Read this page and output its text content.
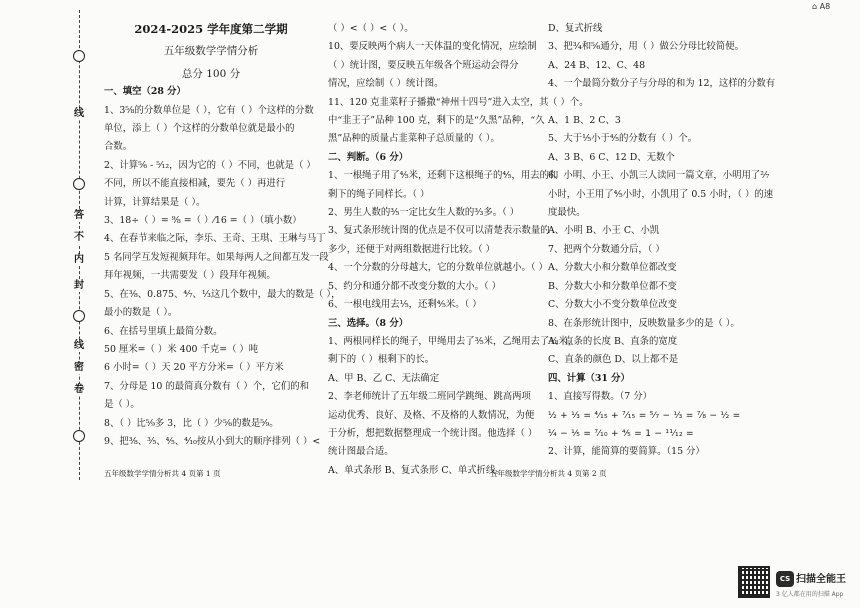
⌂ A8
线
答
不
内
封
线
密
卷
2024-2025 学年度第二学期
五年级数学学情分析
总分 100 分
一、填空（28 分）
1、3⁵⁄₈的分数单位是（ ），它有（ ）个这样的分数
单位，添上（ ）个这样的分数单位就是最小的
合数。
2、计算⁵⁄₆ - ⁵⁄₁₂，因为它的（ ）不同，也就是（ ）
不同，所以不能直接相减，要先（ ）再进行
计算，计算结果是（ ）。
3、18÷（ ）= ⁹⁄₈ =（ ）⁄16 =（ ）（填小数）
4、在春节来临之际，李乐、王奇、王琪、王琳与马丁
5 名同学互发短视频拜年。如果每两人之间都互发一段
拜年视频，一共需要发（ ）段拜年视频。
5、在³⁄₈、0.875、⁴⁄₇、¹⁄₃这几个数中，最大的数是（ ），
最小的数是（ ）。
6、在括号里填上最简分数。
50 厘米=（ ）米 400 千克=（ ）吨
6 小时=（ ）天 20 平方分米=（ ）平方米
7、分母是 10 的最简真分数有（ ）个，它们的和
是（ ）。
8、（ ）比⁵⁄₉多 3，比（ ）少⁵⁄₆的数是⁵⁄₉。
9、把³⁄₈、³⁄₅、⁴⁄₅、⁴⁄₁₀按从小到大的顺序排列（ ）<
（ ）<（ ）<（ ）。
10、要反映两个病人一天体温的变化情况，应绘制
（ ）统计图，要反映五年级各个班运动会得分
情况，应绘制（ ）统计图。
11、120 克韭菜籽子播撒“神州十四号”进入太空，其
中“韭王子”品种 100 克，剩下的是“久黑”品种，“久
黑”品种的质量占韭菜种子总质量的（ ）。
二、判断。（6 分）
1、一根绳子用了⁴⁄₅米，还剩下这根绳子的⁴⁄₅，用去的和
剩下的绳子同样长。（ ）
2、男生人数的³⁄₅一定比女生人数的³⁄₃多。（ ）
3、复式条形统计图的优点是不仅可以清楚表示数量的
多少，还便于对两组数据进行比较。（ ）
4、一个分数的分母越大，它的分数单位就越小。（ ）
5、约分和通分都不改变分数的大小。（ ）
6、一根电线用去¹⁄₅，还剩⁴⁄₅米。（ ）
三、选择。（8 分）
1、两根同样长的绳子，甲绳用去了³⁄₅米，乙绳用去了³⁄₈米，
剩下的（ ）根剩下的长。
A、甲 B、乙 C、无法确定
2、李老师统计了五年级二班同学跳绳、跳高两项
运动优秀、良好、及格、不及格的人数情况，为便
于分析，想把数据整理成一个统计图。他选择（ ）
统计图最合适。
A、单式条形 B、复式条形 C、单式折线。
D、复式折线
3、把³⁄₄和⁵⁄₆通分，用（ ）做公分母比较简便。
A、24 B、12、C、48
4、一个最简分数分子与分母的和为 12，这样的分数有
（ ）个。
A、1 B、2 C、3
5、大于¹⁄₅小于⁴⁄₅的分数有（ ）个。
A、3 B、6 C、12 D、无数个
6、小明、小王、小凯三人读同一篇文章，小明用了²⁄₇
小时，小王用了⁴⁄₅小时，小凯用了 0.5 小时，（ ）的速
度最快。
A、小明 B、小王 C、小凯
7、把两个分数通分后，（ ）
A、分数大小和分数单位都改变
B、分数大小和分数单位都不变
C、分数大小不变分数单位改变
8、在条形统计图中，反映数量多少的是（ ）。
A、直条的长度 B、直条的宽度
C、直条的颜色 D、以上都不是
四、计算（31 分）
1、直接写得数。（7 分）
½ + ⅓ = ⁴⁄₁₅ + ⁷⁄₁₅ = ⁵⁄₇ − ⅓ = ⁷⁄₈ − ½ =
¼ − ⅕ = ⁷⁄₁₀ + ⅘ = 1 − ¹¹⁄₁₂ =
2、计算，能简算的要简算。（15 分）
五年级数学学情分析共 4 页第 1 页	五年级数学学情分析共 4 页第 2 页
CS 扫描全能王
3 亿人都在用的扫描 App
